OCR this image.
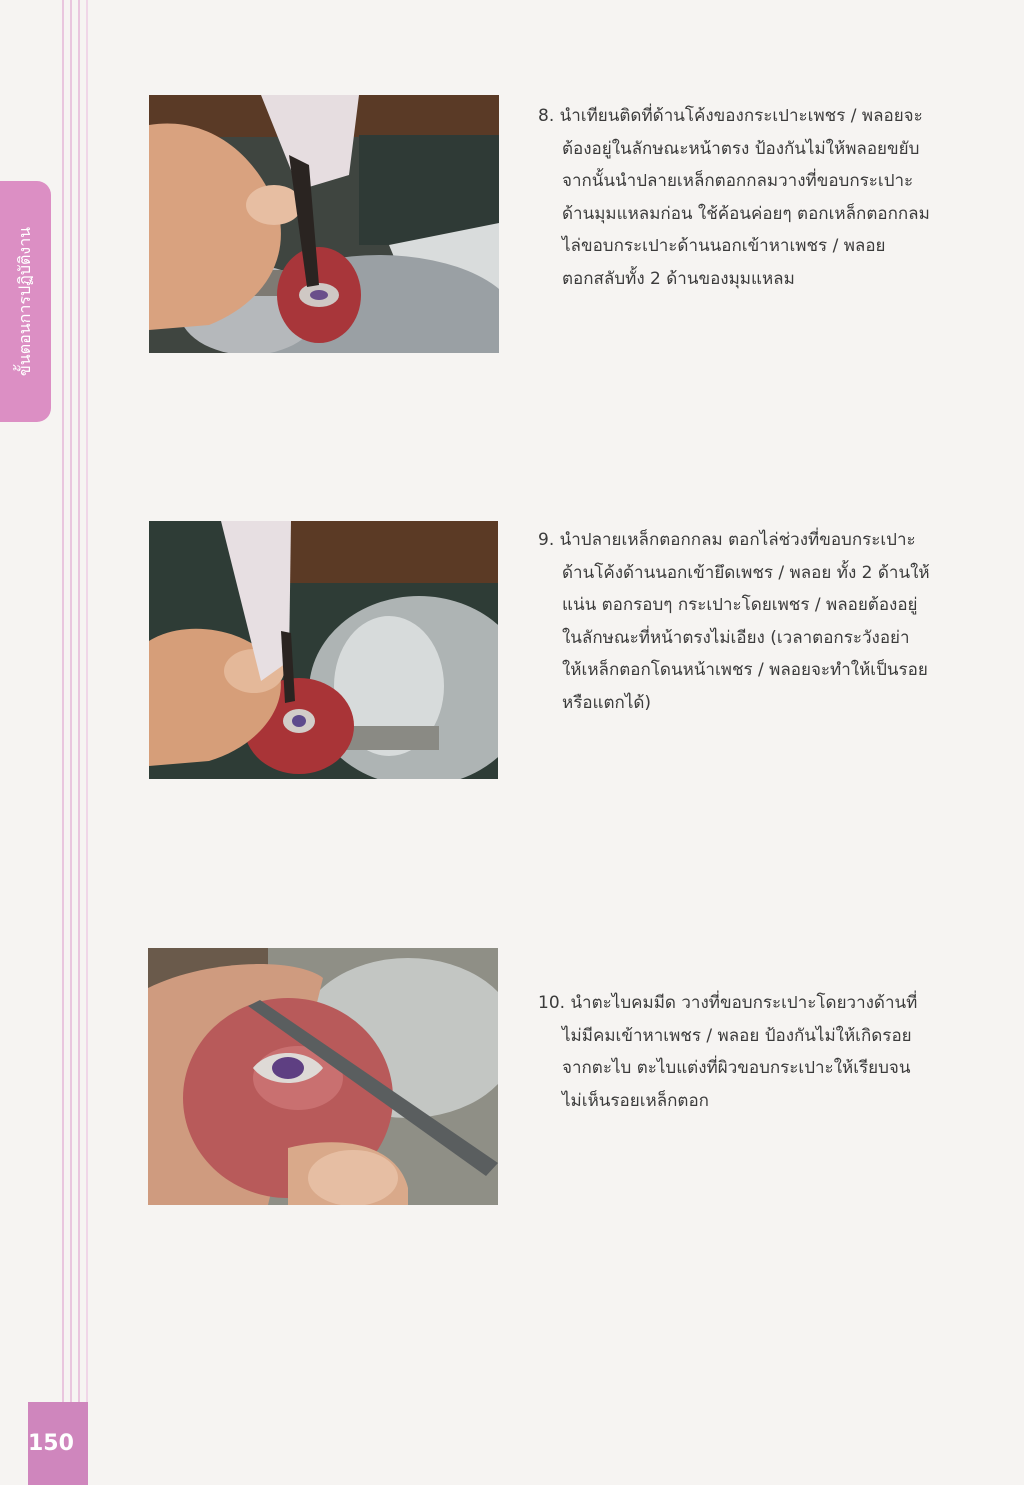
ขั้นตอนการปฏิบัติงาน
150
8. นำเทียนติดที่ด้านโค้งของกระเปาะเพชร / พลอยจะ
ต้องอยู่ในลักษณะหน้าตรง ป้องกันไม่ให้พลอยขยับ
จากนั้นนำปลายเหล็กตอกกลมวางที่ขอบกระเปาะ
ด้านมุมแหลมก่อน ใช้ค้อนค่อยๆ ตอกเหล็กตอกกลม
ไล่ขอบกระเปาะด้านนอกเข้าหาเพชร / พลอย
ตอกสลับทั้ง 2 ด้านของมุมแหลม
9. นำปลายเหล็กตอกกลม ตอกไล่ช่วงที่ขอบกระเปาะ
ด้านโค้งด้านนอกเข้ายึดเพชร / พลอย ทั้ง 2 ด้านให้
แน่น ตอกรอบๆ กระเปาะโดยเพชร / พลอยต้องอยู่
ในลักษณะที่หน้าตรงไม่เอียง (เวลาตอกระวังอย่า
ให้เหล็กตอกโดนหน้าเพชร / พลอยจะทำให้เป็นรอย
หรือแตกได้)
10. นำตะไบคมมีด วางที่ขอบกระเปาะโดยวางด้านที่
ไม่มีคมเข้าหาเพชร / พลอย ป้องกันไม่ให้เกิดรอย
จากตะไบ ตะไบแต่งที่ผิวขอบกระเปาะให้เรียบจน
ไม่เห็นรอยเหล็กตอก
